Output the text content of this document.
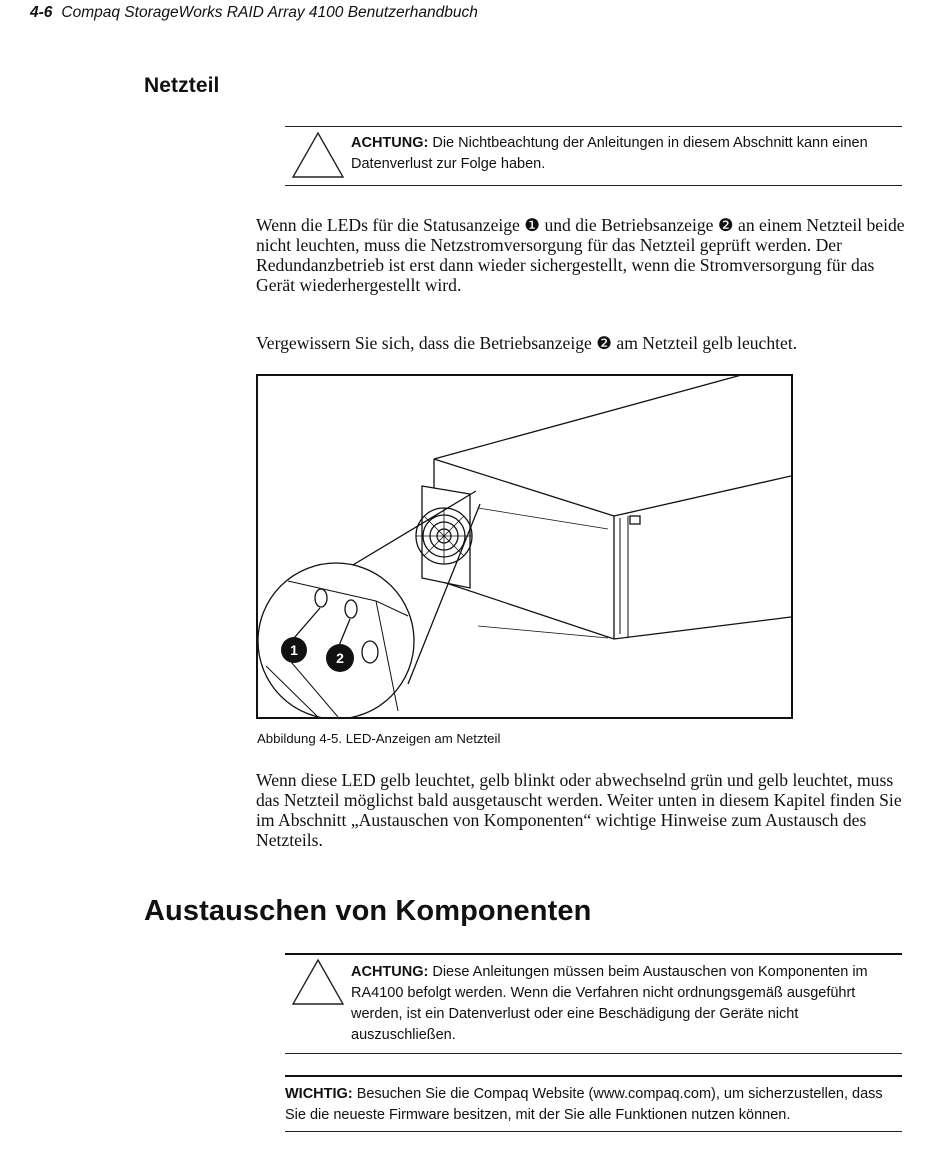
4-6 Compaq StorageWorks RAID Array 4100 Benutzerhandbuch
Netzteil
ACHTUNG: Die Nichtbeachtung der Anleitungen in diesem Abschnitt kann einen Datenverlust zur Folge haben.

Wenn die LEDs für die Statusanzeige ❶ und die Betriebsanzeige ❷ an einem Netzteil beide nicht leuchten, muss die Netzstromversorgung für das Netzteil geprüft werden. Der Redundanzbetrieb ist erst dann wieder sichergestellt, wenn die Stromversorgung für das Gerät wiederhergestellt wird.

Vergewissern Sie sich, dass die Betriebsanzeige ❷ am Netzteil gelb leuchtet.

1	2
Abbildung 4-5. LED-Anzeigen am Netzteil

Wenn diese LED gelb leuchtet, gelb blinkt oder abwechselnd grün und gelb leuchtet, muss das Netzteil möglichst bald ausgetauscht werden. Weiter unten in diesem Kapitel finden Sie im Abschnitt „Austauschen von Komponenten“ wichtige Hinweise zum Austausch des Netzteils.

Austauschen von Komponenten
ACHTUNG: Diese Anleitungen müssen beim Austauschen von Komponenten im RA4100 befolgt werden. Wenn die Verfahren nicht ordnungsgemäß ausgeführt werden, ist ein Datenverlust oder eine Beschädigung der Geräte nicht auszuschließen.
WICHTIG: Besuchen Sie die Compaq Website (www.compaq.com), um sicherzustellen, dass Sie die neueste Firmware besitzen, mit der Sie alle Funktionen nutzen können.
